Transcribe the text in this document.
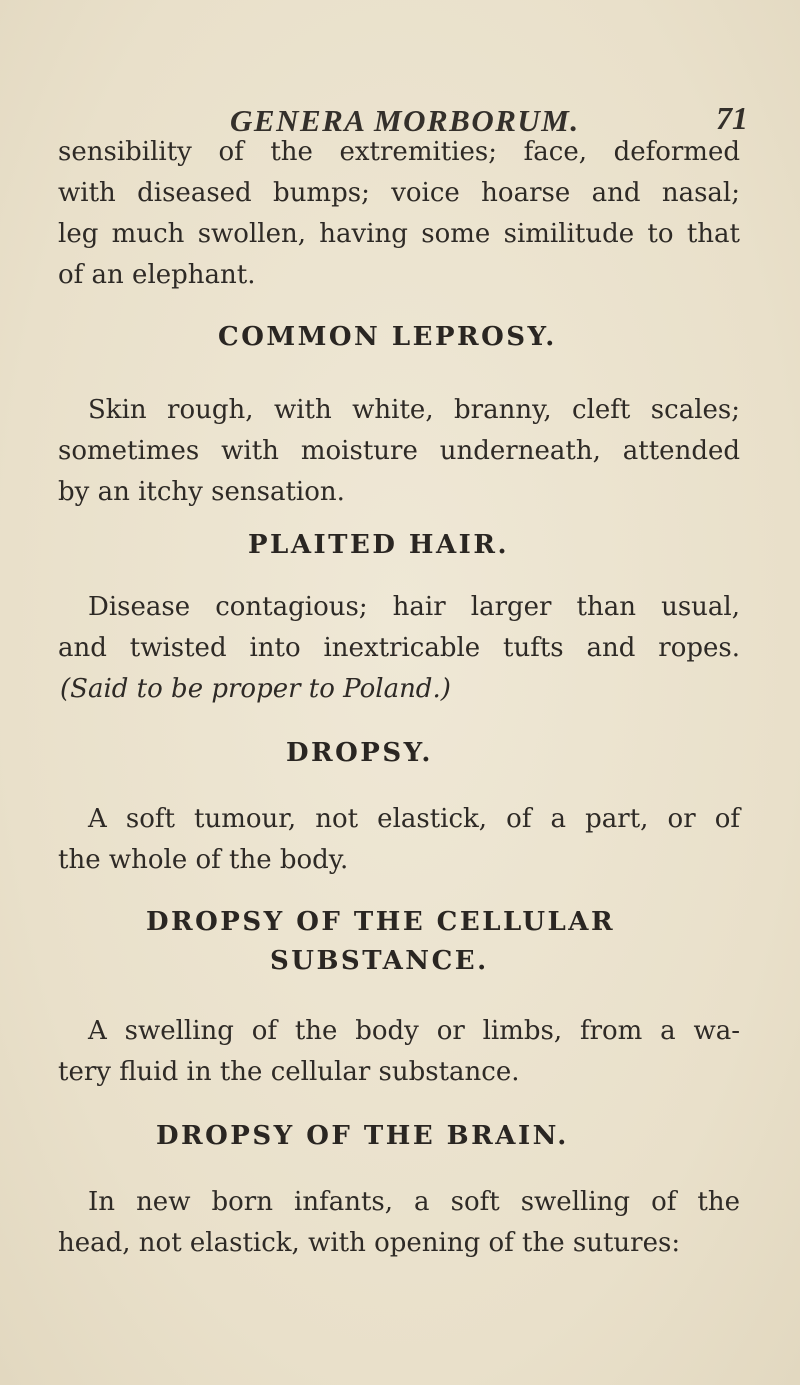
GENERA MORBORUM.	71
sensibility of the extremities; face, deformed
with diseased bumps; voice hoarse and nasal;
leg much swollen, having some similitude to that
of an elephant.
COMMON LEPROSY.
Skin rough, with white, branny, cleft scales;
sometimes with moisture underneath, attended
by an itchy sensation.
PLAITED HAIR.
Disease contagious; hair larger than usual,
and twisted into inextricable tufts and ropes.
(Said to be proper to Poland.)
DROPSY.
A soft tumour, not elastick, of a part, or of
the whole of the body.
DROPSY OF THE CELLULAR
SUBSTANCE.
A swelling of the body or limbs, from a wa-
tery fluid in the cellular substance.
DROPSY OF THE BRAIN.
In new born infants, a soft swelling of the
head, not elastick, with opening of the sutures:
